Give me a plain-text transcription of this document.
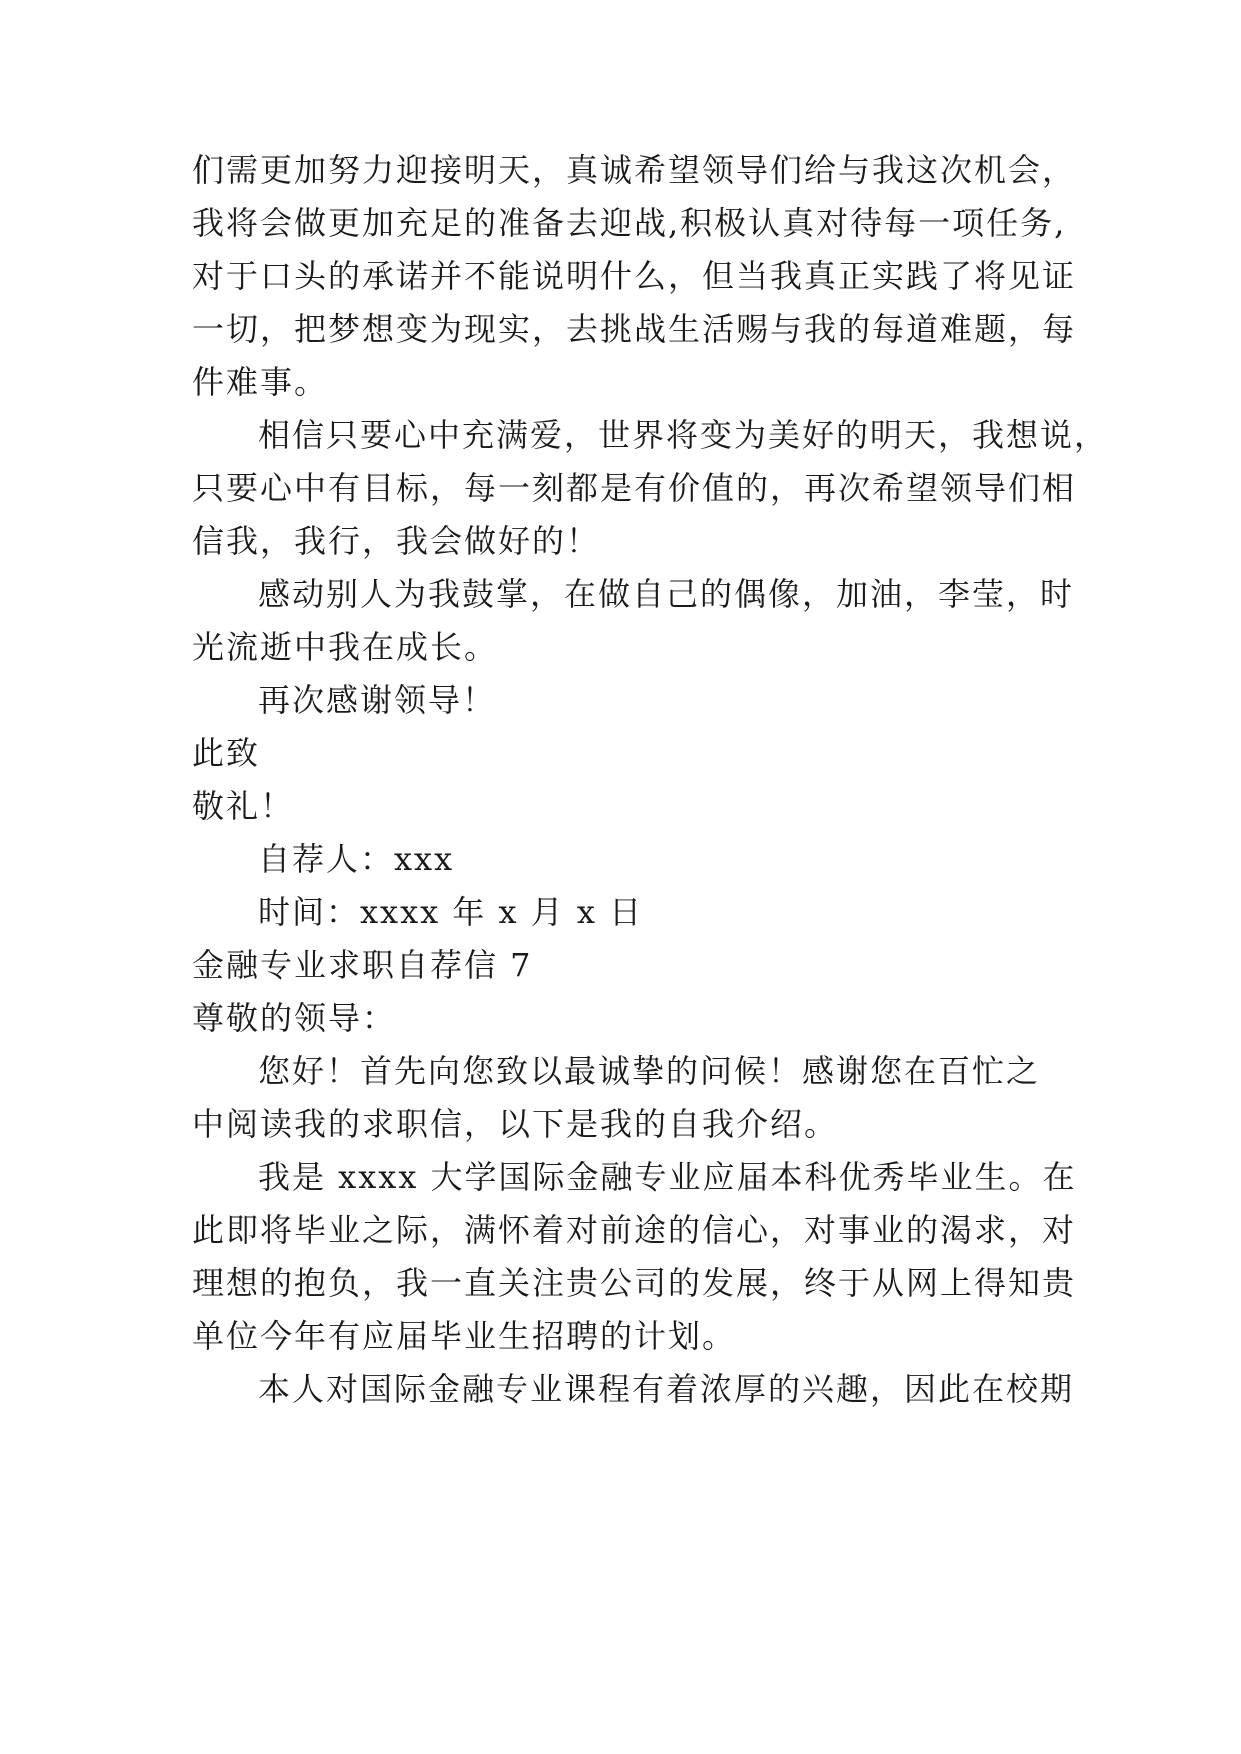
们需更加努力迎接明天，真诚希望领导们给与我这次机会，
我将会做更加充足的准备去迎战,积极认真对待每一项任务,
对于口头的承诺并不能说明什么，但当我真正实践了将见证
一切，把梦想变为现实，去挑战生活赐与我的每道难题，每
件难事。
相信只要心中充满爱，世界将变为美好的明天，我想说，
只要心中有目标，每一刻都是有价值的，再次希望领导们相
信我，我行，我会做好的！
感动别人为我鼓掌，在做自己的偶像，加油，李莹，时
光流逝中我在成长。
再次感谢领导！
此致
敬礼！
自荐人：xxx
时间：xxxx 年 x 月 x 日
金融专业求职自荐信 7
尊敬的领导：
您好！首先向您致以最诚挚的问候！感谢您在百忙之
中阅读我的求职信，以下是我的自我介绍。
我是 xxxx 大学国际金融专业应届本科优秀毕业生。在
此即将毕业之际，满怀着对前途的信心，对事业的渴求，对
理想的抱负，我一直关注贵公司的发展，终于从网上得知贵
单位今年有应届毕业生招聘的计划。
本人对国际金融专业课程有着浓厚的兴趣，因此在校期
